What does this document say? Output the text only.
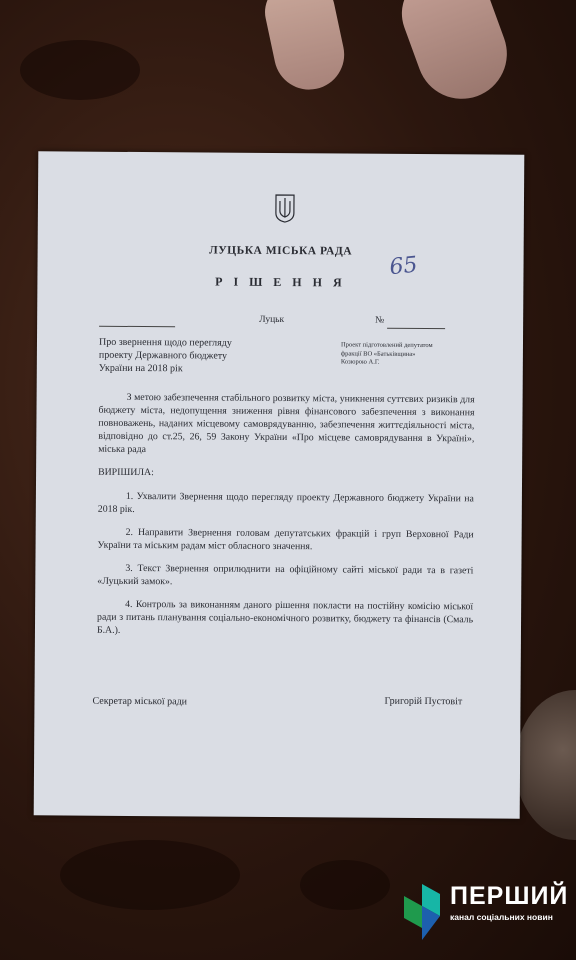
ЛУЦЬКА МІСЬКА РАДА
Р І Ш Е Н Н Я
65
Луцьк	№
Про звернення щодо перегляду
проекту Державного бюджету
України на 2018 рік
Проект підготовлений депутатом
фракції ВО «Батьківщина»
Козюрою А.Г.

З метою забезпечення стабільного розвитку міста, уникнення суттєвих ризиків для бюджету міста, недопущення зниження рівня фінансового забезпечення з виконання повноважень, наданих місцевому самоврядуванню, забезпечення життєдіяльності міста, відповідно до ст.25, 26, 59 Закону України «Про місцеве самоврядування в Україні», міська рада

ВИРІШИЛА:

1. Ухвалити Звернення щодо перегляду проекту Державного бюджету України на 2018 рік.

2. Направити Звернення головам депутатських фракцій і груп Верховної Ради України та міським радам міст обласного значення.

3. Текст Звернення оприлюднити на офіційному сайті міської ради та в газеті «Луцький замок».

4. Контроль за виконанням даного рішення покласти на постійну комісію міської ради з питань планування соціально-економічного розвитку, бюджету та фінансів (Смаль Б.А.).

Секретар міської ради	Григорій Пустовіт
ПЕРШИЙ
канал соціальних новин
